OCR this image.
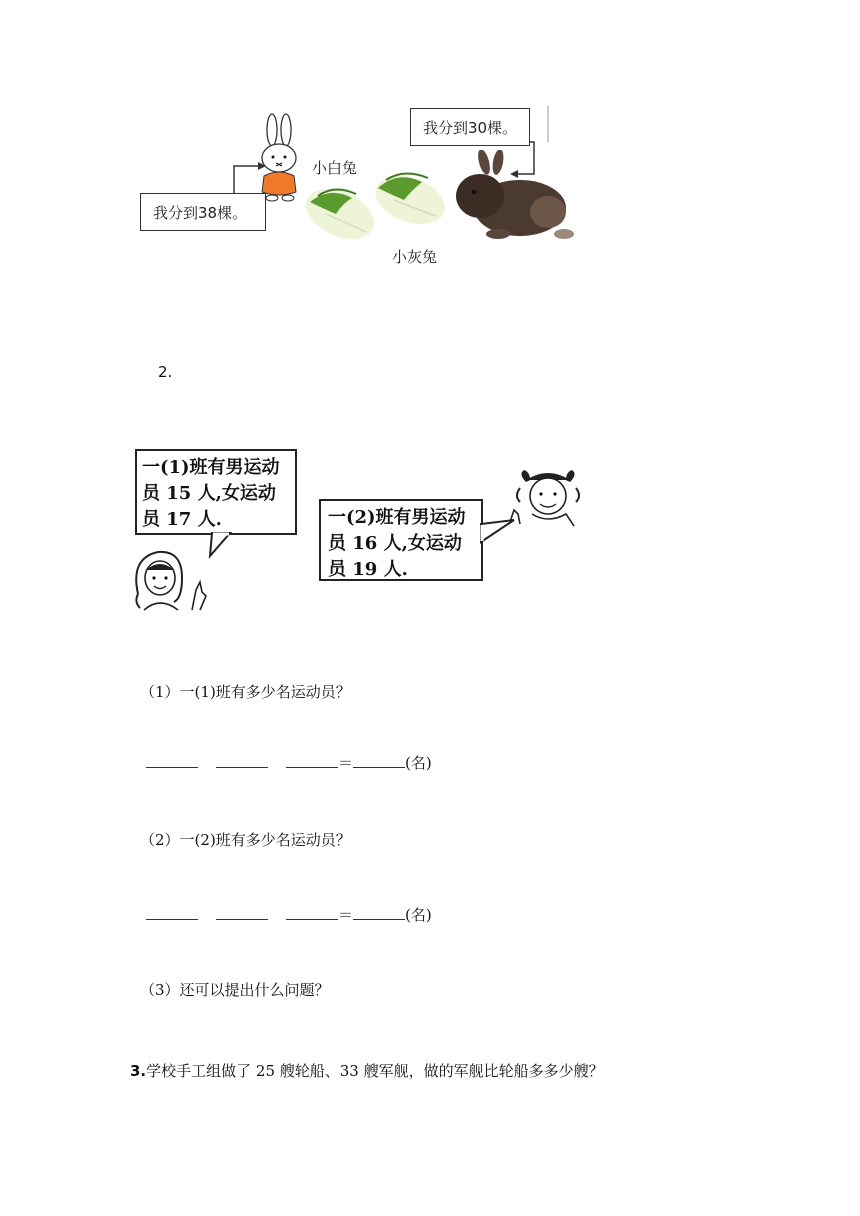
我分到38棵。
我分到30棵。
小白兔
小灰兔
2.
一(1)班有男运动
员 15 人,女运动
员 17 人.	一(2)班有男运动
员 16 人,女运动
员 19 人.
（1）一(1)班有多少名运动员？
＝	(名)
（2）一(2)班有多少名运动员？
＝	(名)
（3）还可以提出什么问题？
3.学校手工组做了 25 艘轮船、33 艘军舰，做的军舰比轮船多多少艘？
